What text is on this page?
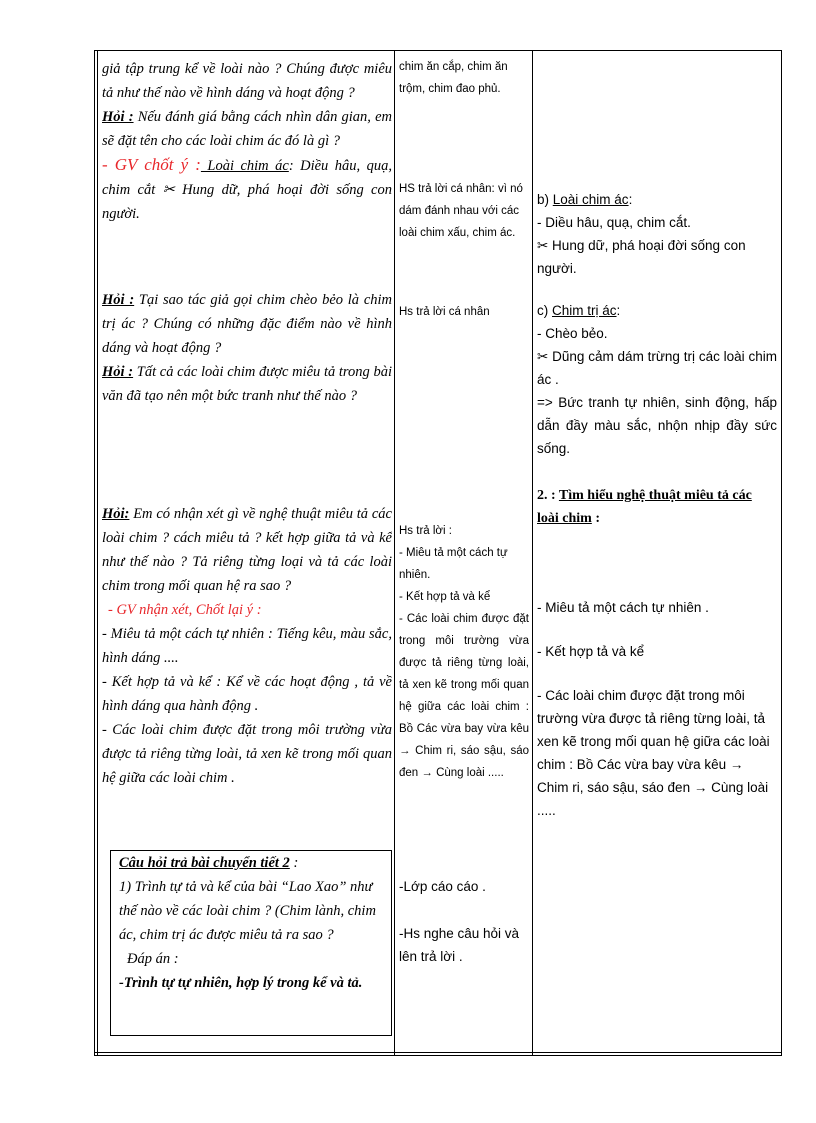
giả tập trung kể về loài nào ? Chúng được miêu tả như thế nào về hình dáng và hoạt động ?

Hỏi : Nếu đánh giá bằng cách nhìn dân gian, em sẽ đặt tên cho các loài chim ác đó là gì ?

- GV chốt ý : Loài chim ác: Diều hâu, quạ, chim cắt ✂ Hung dữ, phá hoại đời sống con người.

Hỏi : Tại sao tác giả gọi chim chèo bẻo là chim trị ác ? Chúng có những đặc điểm nào về hình dáng và hoạt động ?

Hỏi : Tất cả các loài chim được miêu tả trong bài văn đã tạo nên một bức tranh như thế nào ?

Hỏi: Em có nhận xét gì về nghệ thuật miêu tả các loài chim ? cách miêu tả ? kết hợp giữa tả và kể như thế nào ? Tả riêng từng loại và tả các loài chim trong mối quan hệ ra sao ?

- GV nhận xét, Chốt lại ý :

- Miêu tả một cách tự nhiên : Tiếng kêu, màu sắc, hình dáng ....

- Kết hợp tả và kể : Kể về các hoạt động , tả về hình dáng qua hành động .

- Các loài chim được đặt trong môi trường vừa được tả riêng từng loài, tả xen kẽ trong mối quan hệ giữa các loài chim .

Câu hỏi trả bài chuyển tiết 2 :

1) Trình tự tả và kể của bài “Lao Xao” như thế nào về các loài chim ? (Chim lành, chim ác, chim trị ác được miêu tả ra sao ?

Đáp án :

-Trình tự tự nhiên, hợp lý trong kể và tả.

chim ăn cắp, chim ăn trộm, chim đao phủ.

HS trả lời cá nhân: vì nó dám đánh nhau với các loài chim xấu, chim ác.

Hs trả lời cá nhân

Hs trả lời :

- Miêu tả một cách tự nhiên.

- Kết hợp tả và kể

- Các loài chim được đặt trong môi trường vừa được tả riêng từng loài, tả xen kẽ trong mối quan hệ giữa các loài chim : Bồ Các vừa bay vừa kêu → Chim ri, sáo sậu, sáo đen → Cùng loài .....

-Lớp cáo cáo .

-Hs nghe câu hỏi và lên trả lời .

b) Loài chim ác:

- Diều hâu, quạ, chim cắt.

✂ Hung dữ, phá hoại đời sống con người.

c) Chim trị ác:

- Chèo bẻo.

✂ Dũng cảm dám trừng trị các loài chim ác .

=> Bức tranh tự nhiên, sinh động, hấp dẫn đầy màu sắc, nhộn nhịp đầy sức sống.

2. : Tìm hiểu nghệ thuật miêu tả các loài chim :

- Miêu tả một cách tự nhiên .

- Kết hợp tả và kể

- Các loài chim được đặt trong môi trường vừa được tả riêng từng loài, tả xen kẽ trong mối quan hệ giữa các loài chim : Bồ Các vừa bay vừa kêu → Chim ri, sáo sậu, sáo đen → Cùng loài .....
